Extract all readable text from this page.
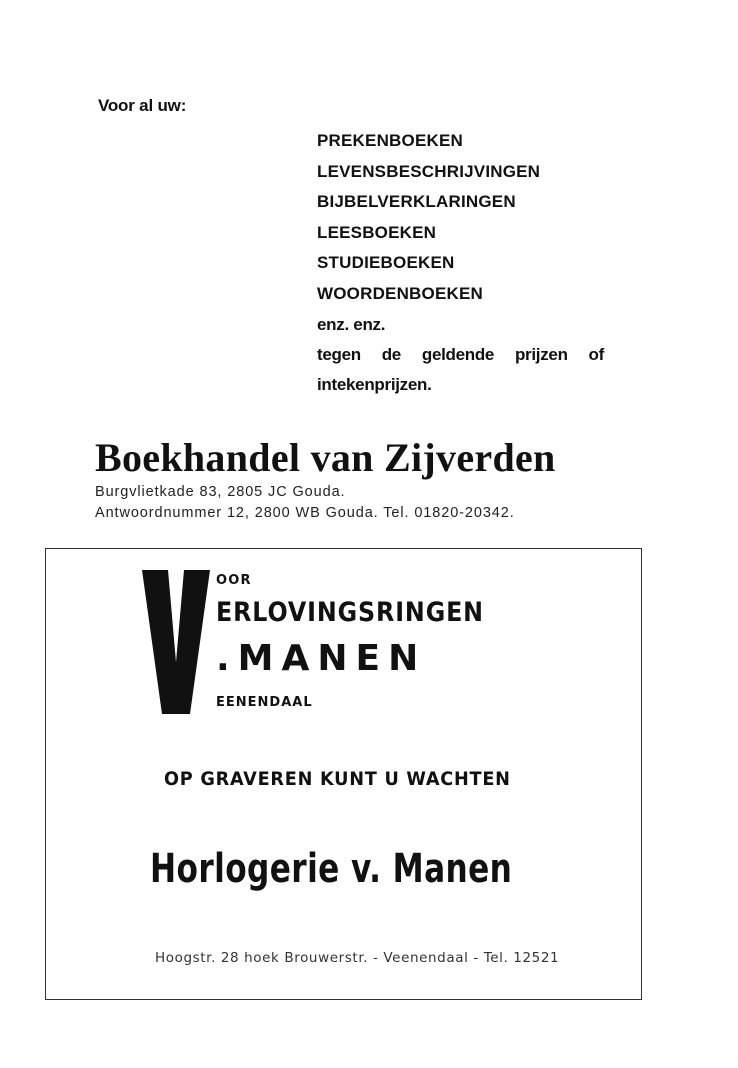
Voor al uw:
PREKENBOEKEN
LEVENSBESCHRIJVINGEN
BIJBELVERKLARINGEN
LEESBOEKEN
STUDIEBOEKEN
WOORDENBOEKEN
enz. enz.
tegen de geldende prijzen of
intekenprijzen.
Boekhandel van Zijverden
Burgvlietkade 83, 2805 JC Gouda.
Antwoordnummer 12, 2800 WB Gouda. Tel. 01820-20342.
OOR
ERLOVINGSRINGEN
.MANEN
EENENDAAL
OP GRAVEREN KUNT U WACHTEN
Horlogerie v. Manen
Hoogstr. 28 hoek Brouwerstr. - Veenendaal - Tel. 12521
